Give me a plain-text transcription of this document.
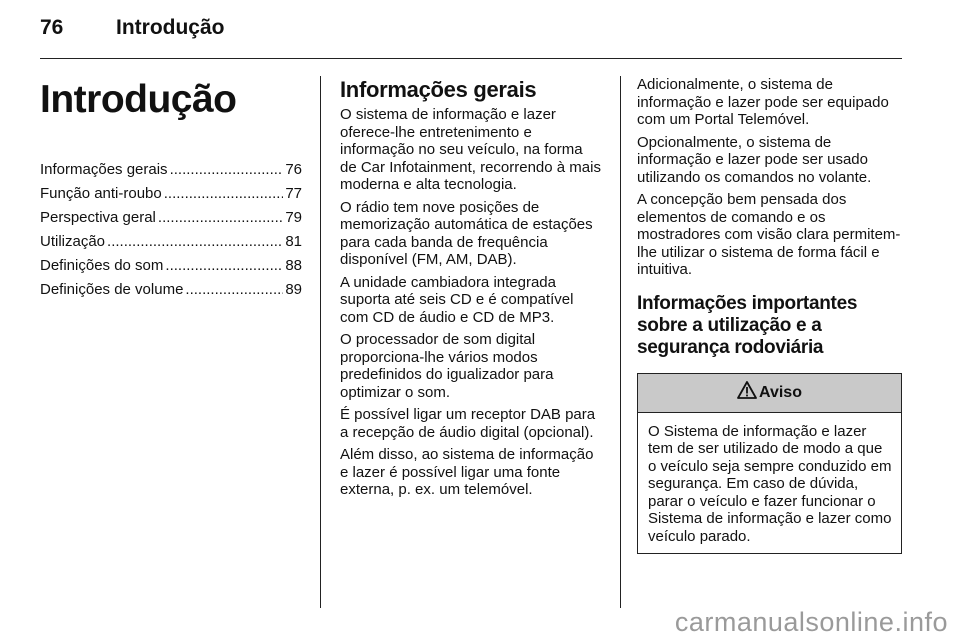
76	Introdução
Introdução
Informações gerais .....	76
Função anti-roubo .....	77
Perspectiva geral .....	79
Utilização .....	81
Definições do som .....	88
Definições de volume .....	89
Informações gerais

O sistema de informação e lazer oferece-lhe entretenimento e informação no seu veículo, na forma de Car Infotainment, recorrendo à mais moderna e alta tecnologia.

O rádio tem nove posições de memorização automática de estações para cada banda de frequência disponível (FM, AM, DAB).

A unidade cambiadora integrada suporta até seis CD e é compatível com CD de áudio e CD de MP3.

O processador de som digital proporciona-lhe vários modos predefinidos do igualizador para optimizar o som.

É possível ligar um receptor DAB para a recepção de áudio digital (opcional).

Além disso, ao sistema de informação e lazer é possível ligar uma fonte externa, p. ex. um telemóvel.

Adicionalmente, o sistema de informação e lazer pode ser equipado com um Portal Telemóvel.

Opcionalmente, o sistema de informação e lazer pode ser usado utilizando os comandos no volante.

A concepção bem pensada dos elementos de comando e os mostradores com visão clara permitem-lhe utilizar o sistema de forma fácil e intuitiva.

Informações importantes sobre a utilização e a segurança rodoviária
Aviso

O Sistema de informação e lazer tem de ser utilizado de modo a que o veículo seja sempre conduzido em segurança. Em caso de dúvida, parar o veículo e fazer funcionar o Sistema de informação e lazer como veículo parado.

carmanualsonline.info
